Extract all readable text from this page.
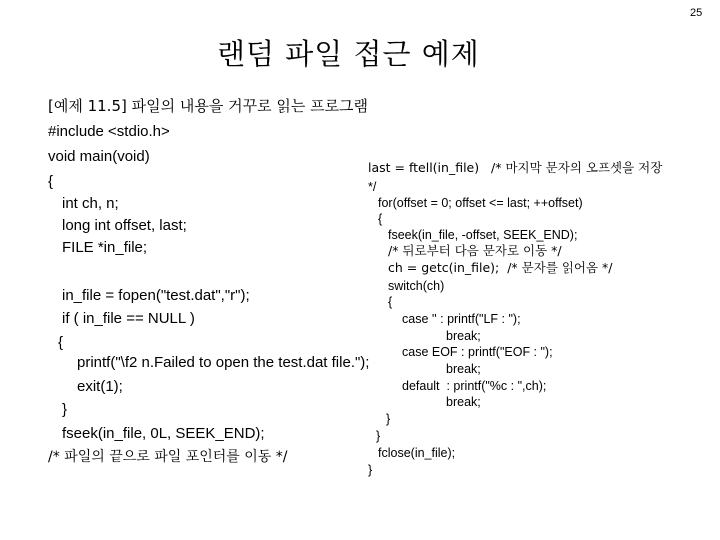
25
랜덤 파일 접근 예제
[예제 11.5] 파일의 내용을 거꾸로 읽는 프로그램
#include <stdio.h>
void main(void)
{
int ch, n;
long int offset, last;
FILE *in_file;
in_file = fopen("test.dat","r");
if ( in_file == NULL )
{
printf("\f2 n.Failed to open the test.dat file.");
exit(1);
}
fseek(in_file, 0L, SEEK_END);
/* 파일의 끝으로 파일 포인터를 이동 */
last = ftell(in_file)   /* 마지막 문자의 오프셋을 저장
*/
for(offset = 0; offset <= last; ++offset)
{
fseek(in_file, -offset, SEEK_END);
/* 뒤로부터 다음 문자로 이동 */
ch = getc(in_file);  /* 문자를 읽어옴 */
switch(ch)
{
case '' : printf("LF : ");
break;
case EOF : printf("EOF : ");
break;
default  : printf("%c : ",ch);
break;
}
}
fclose(in_file);
}
